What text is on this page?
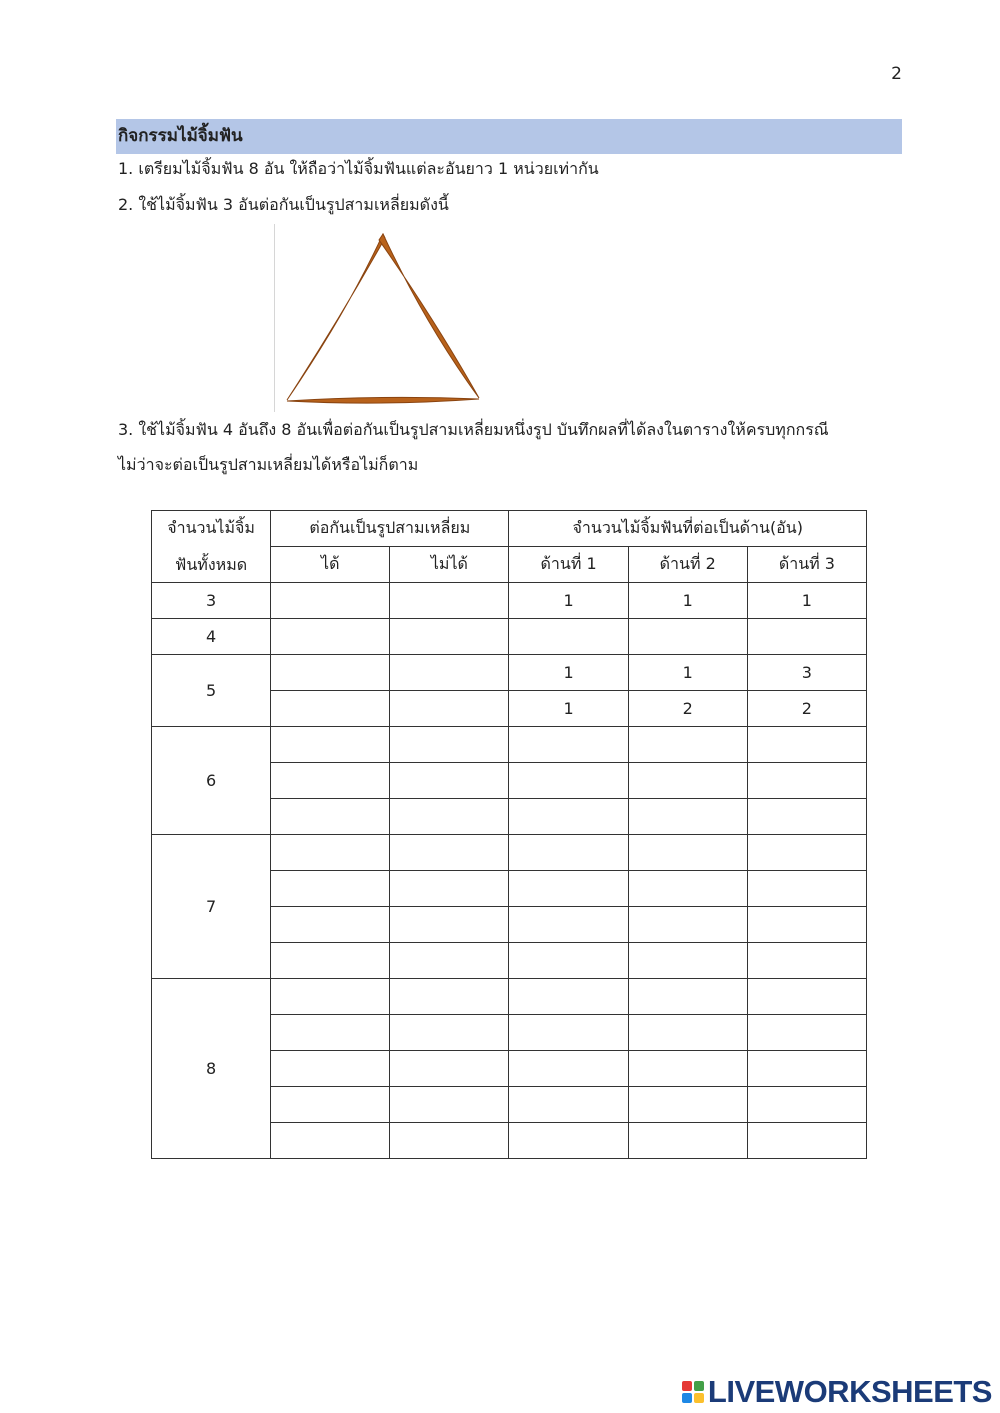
2
กิจกรรมไม้จิ้มฟัน
1. เตรียมไม้จิ้มฟัน 8 อัน ให้ถือว่าไม้จิ้มฟันแต่ละอันยาว 1 หน่วยเท่ากัน
2. ใช้ไม้จิ้มฟัน 3 อันต่อกันเป็นรูปสามเหลี่ยมดังนี้
3. ใช้ไม้จิ้มฟัน 4 อันถึง 8 อันเพื่อต่อกันเป็นรูปสามเหลี่ยมหนึ่งรูป บันทึกผลที่ได้ลงในตารางให้ครบทุกกรณี
ไม่ว่าจะต่อเป็นรูปสามเหลี่ยมได้หรือไม่ก็ตาม
จำนวนไม้จิ้ม
ฟันทั้งหมด	ต่อกันเป็นรูปสามเหลี่ยม		จำนวนไม้จิ้มฟันที่ต่อเป็นด้าน(อัน)		
	ได้	ไม่ได้	ด้านที่ 1	ด้านที่ 2	ด้านที่ 3
3			1	1	1
4					
5			1	1	3
			1	2	2
6					

7					

8					

LIVEWORKSHEETS
